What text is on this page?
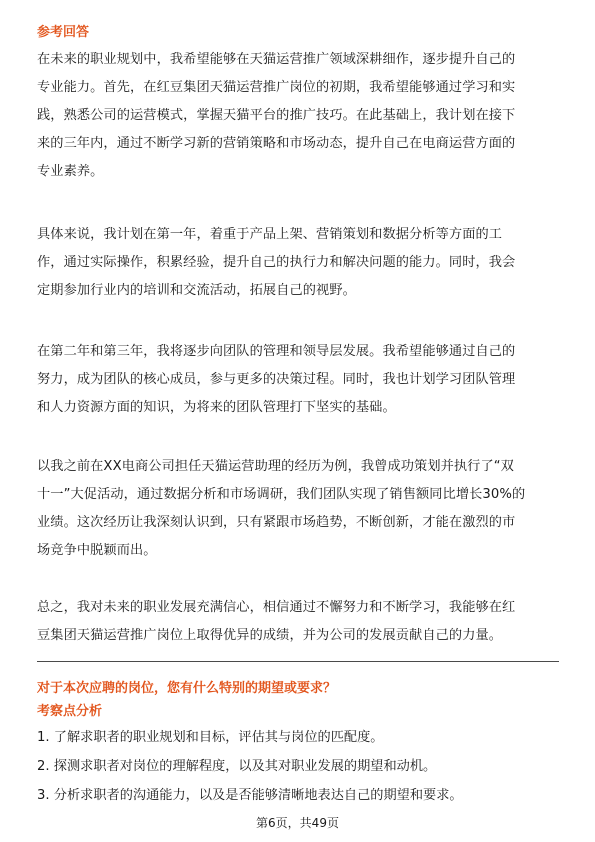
参考回答
在未来的职业规划中，我希望能够在天猫运营推广领域深耕细作，逐步提升自己的
专业能力。首先，在红豆集团天猫运营推广岗位的初期，我希望能够通过学习和实
践，熟悉公司的运营模式，掌握天猫平台的推广技巧。在此基础上，我计划在接下
来的三年内，通过不断学习新的营销策略和市场动态，提升自己在电商运营方面的
专业素养。
具体来说，我计划在第一年，着重于产品上架、营销策划和数据分析等方面的工
作，通过实际操作，积累经验，提升自己的执行力和解决问题的能力。同时，我会
定期参加行业内的培训和交流活动，拓展自己的视野。
在第二年和第三年，我将逐步向团队的管理和领导层发展。我希望能够通过自己的
努力，成为团队的核心成员，参与更多的决策过程。同时，我也计划学习团队管理
和人力资源方面的知识，为将来的团队管理打下坚实的基础。
以我之前在XX电商公司担任天猫运营助理的经历为例，我曾成功策划并执行了“双
十一”大促活动，通过数据分析和市场调研，我们团队实现了销售额同比增长30%的
业绩。这次经历让我深刻认识到，只有紧跟市场趋势，不断创新，才能在激烈的市
场竞争中脱颖而出。
总之，我对未来的职业发展充满信心，相信通过不懈努力和不断学习，我能够在红
豆集团天猫运营推广岗位上取得优异的成绩，并为公司的发展贡献自己的力量。
对于本次应聘的岗位，您有什么特别的期望或要求？
考察点分析
1. 了解求职者的职业规划和目标，评估其与岗位的匹配度。
2. 探测求职者对岗位的理解程度，以及其对职业发展的期望和动机。
3. 分析求职者的沟通能力，以及是否能够清晰地表达自己的期望和要求。
第6页，共49页
